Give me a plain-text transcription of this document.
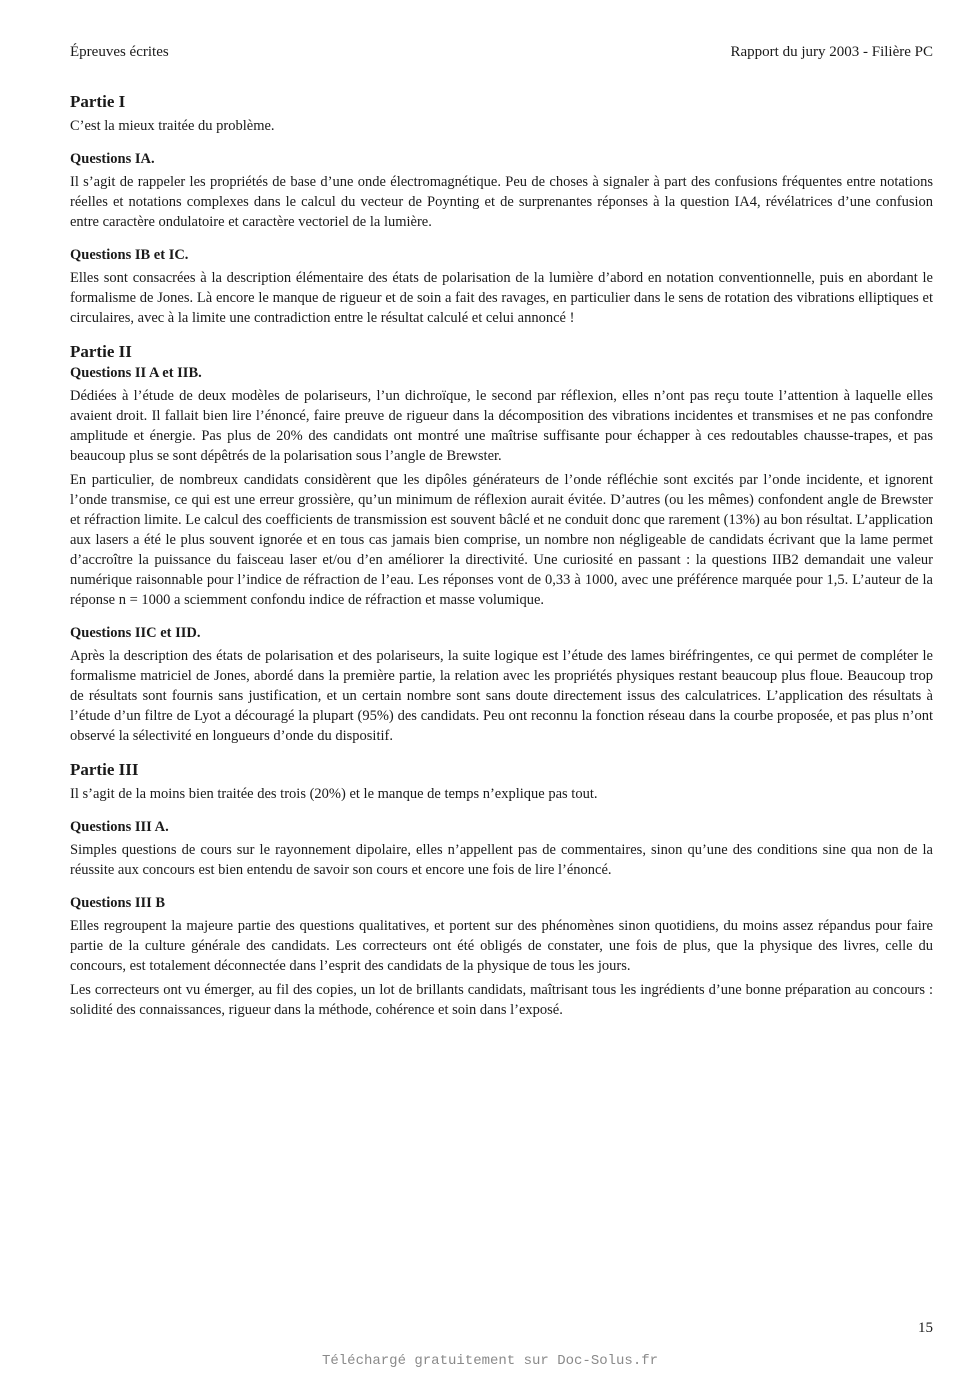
Épreuves écrites	Rapport du jury 2003 - Filière PC
Partie I

C’est la mieux traitée du problème.

Questions IA.

Il s’agit de rappeler les propriétés de base d’une onde électromagnétique. Peu de choses à signaler à part des confusions fréquentes entre notations réelles et notations complexes dans le calcul du vecteur de Poynting et de surprenantes réponses à la question IA4, révélatrices d’une confusion entre caractère ondulatoire et caractère vectoriel de la lumière.

Questions IB et IC.

Elles sont consacrées à la description élémentaire des états de polarisation de la lumière d’abord en notation conventionnelle, puis en abordant le formalisme de Jones. Là encore le manque de rigueur et de soin a fait des ravages, en particulier dans le sens de rotation des vibrations elliptiques et circulaires, avec à la limite une contradiction entre le résultat calculé et celui annoncé !

Partie II
Questions II A et IIB.

Dédiées à l’étude de deux modèles de polariseurs, l’un dichroïque, le second par réflexion, elles n’ont pas reçu toute l’attention à laquelle elles avaient droit. Il fallait bien lire l’énoncé, faire preuve de rigueur dans la décomposition des vibrations incidentes et transmises et ne pas confondre amplitude et énergie. Pas plus de 20% des candidats ont montré une maîtrise suffisante pour échapper à ces redoutables chausse-trapes, et pas beaucoup plus se sont dépêtrés de la polarisation sous l’angle de Brewster.

En particulier, de nombreux candidats considèrent que les dipôles générateurs de l’onde réfléchie sont excités par l’onde incidente, et ignorent l’onde transmise, ce qui est une erreur grossière, qu’un minimum de réflexion aurait évitée. D’autres (ou les mêmes) confondent angle de Brewster et réfraction limite. Le calcul des coefficients de transmission est souvent bâclé et ne conduit donc que rarement (13%) au bon résultat. L’application aux lasers a été le plus souvent ignorée et en tous cas jamais bien comprise, un nombre non négligeable de candidats écrivant que la lame permet d’accroître la puissance du faisceau laser et/ou d’en améliorer la directivité. Une curiosité en passant : la questions IIB2 demandait une valeur numérique raisonnable pour l’indice de réfraction de l’eau. Les réponses vont de 0,33 à 1000, avec une préférence marquée pour 1,5. L’auteur de la réponse n = 1000 a sciemment confondu indice de réfraction et masse volumique.

Questions IIC et IID.

Après la description des états de polarisation et des polariseurs, la suite logique est l’étude des lames biréfringentes, ce qui permet de compléter le formalisme matriciel de Jones, abordé dans la première partie, la relation avec les propriétés physiques restant beaucoup plus floue. Beaucoup trop de résultats sont fournis sans justification, et un certain nombre sont sans doute directement issus des calculatrices. L’application des résultats à l’étude d’un filtre de Lyot a découragé la plupart (95%) des candidats. Peu ont reconnu la fonction réseau dans la courbe proposée, et pas plus n’ont observé la sélectivité en longueurs d’onde du dispositif.

Partie III

Il s’agit de la moins bien traitée des trois (20%) et le manque de temps n’explique pas tout.

Questions III A.

Simples questions de cours sur le rayonnement dipolaire, elles n’appellent pas de commentaires, sinon qu’une des conditions sine qua non de la réussite aux concours est bien entendu de savoir son cours et encore une fois de lire l’énoncé.

Questions III B

Elles regroupent la majeure partie des questions qualitatives, et portent sur des phénomènes sinon quotidiens, du moins assez répandus pour faire partie de la culture générale des candidats. Les correcteurs ont été obligés de constater, une fois de plus, que la physique des livres, celle du concours, est totalement déconnectée dans l’esprit des candidats de la physique de tous les jours.

Les correcteurs ont vu émerger, au fil des copies, un lot de brillants candidats, maîtrisant tous les ingrédients d’une bonne préparation au concours : solidité des connaissances, rigueur dans la méthode, cohérence et soin dans l’exposé.

15
Téléchargé gratuitement sur Doc-Solus.fr
